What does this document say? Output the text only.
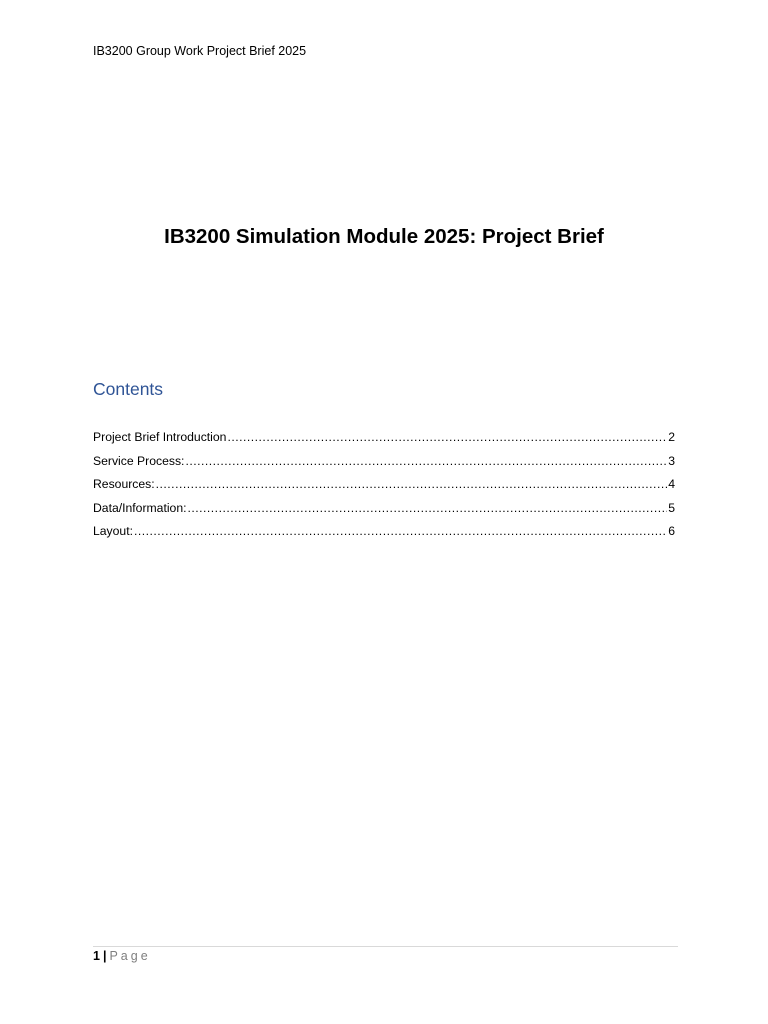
IB3200 Group Work Project Brief 2025
IB3200 Simulation Module 2025: Project Brief
Contents
Project Brief Introduction .....	2
Service Process: .....	3
Resources: .....	4
Data/Information: .....	5
Layout: .....	6
1 | Page
